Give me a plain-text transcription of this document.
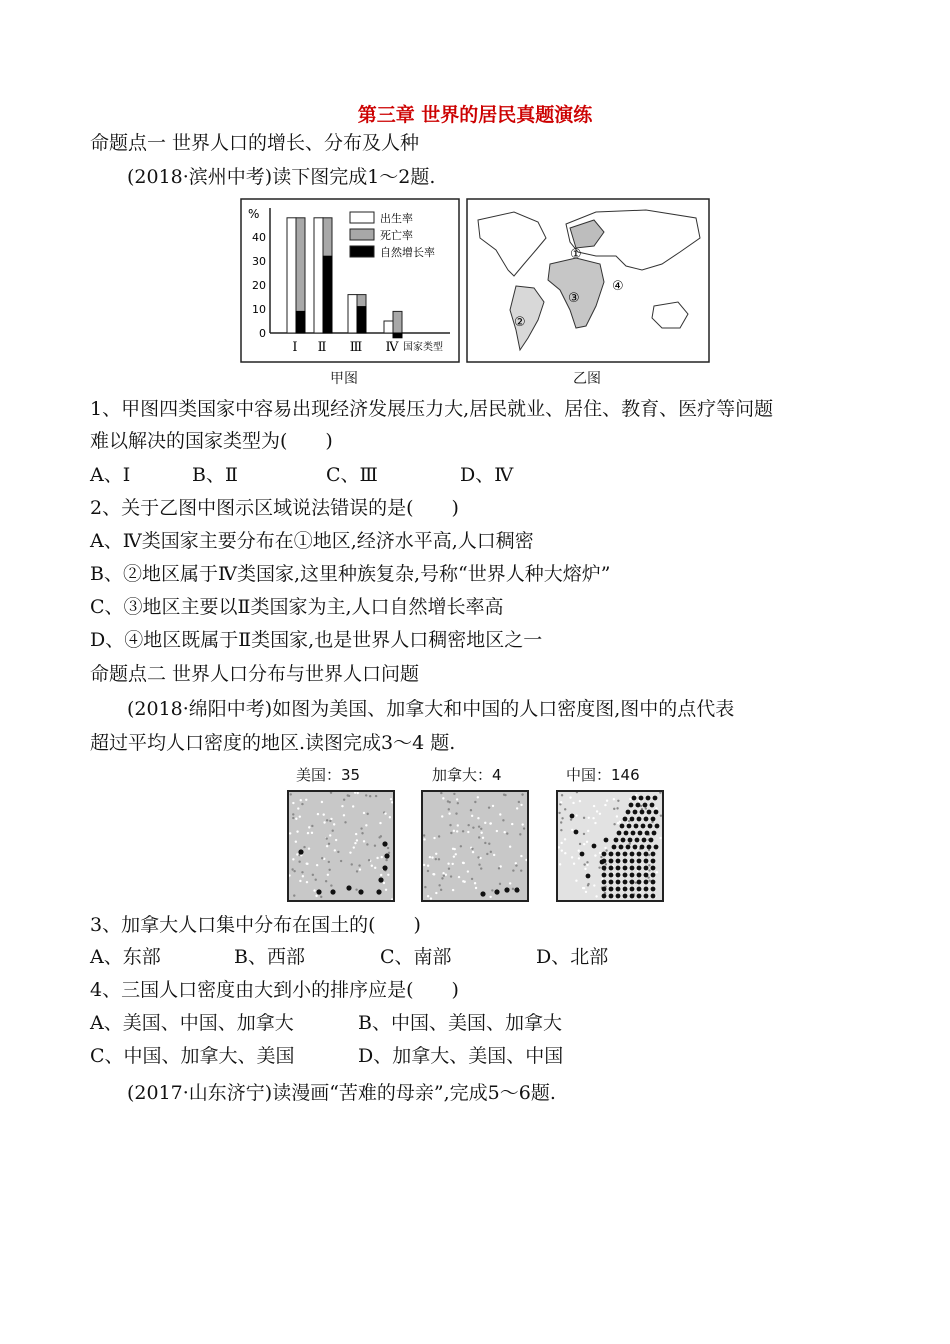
第三章 世界的居民真题演练
命题点一 世界人口的增长、分布及人种
(2018·滨州中考)读下图完成1～2题.
%
0
10
20
30
40
Ⅰ Ⅱ Ⅲ Ⅳ 国家类型
出生率
死亡率
自然增长率
甲图
①
②
③
④
乙图
1、甲图四类国家中容易出现经济发展压力大,居民就业、居住、教育、医疗等问题
难以解决的国家类型为(　　)
A、Ⅰ	B、Ⅱ	C、Ⅲ	D、Ⅳ
2、关于乙图中图示区域说法错误的是(　　)
A、Ⅳ类国家主要分布在①地区,经济水平高,人口稠密
B、②地区属于Ⅳ类国家,这里种族复杂,号称“世界人种大熔炉”
C、③地区主要以Ⅱ类国家为主,人口自然增长率高
D、④地区既属于Ⅱ类国家,也是世界人口稠密地区之一
命题点二 世界人口分布与世界人口问题
(2018·绵阳中考)如图为美国、加拿大和中国的人口密度图,图中的点代表
超过平均人口密度的地区.读图完成3～4 题.
美国：35	加拿大：4	中国：146
3、加拿大人口集中分布在国土的(　　)
A、东部	B、西部	C、南部	D、北部
4、三国人口密度由大到小的排序应是(　　)
A、美国、中国、加拿大	B、中国、美国、加拿大
C、中国、加拿大、美国	D、加拿大、美国、中国
(2017·山东济宁)读漫画“苦难的母亲”,完成5～6题.
